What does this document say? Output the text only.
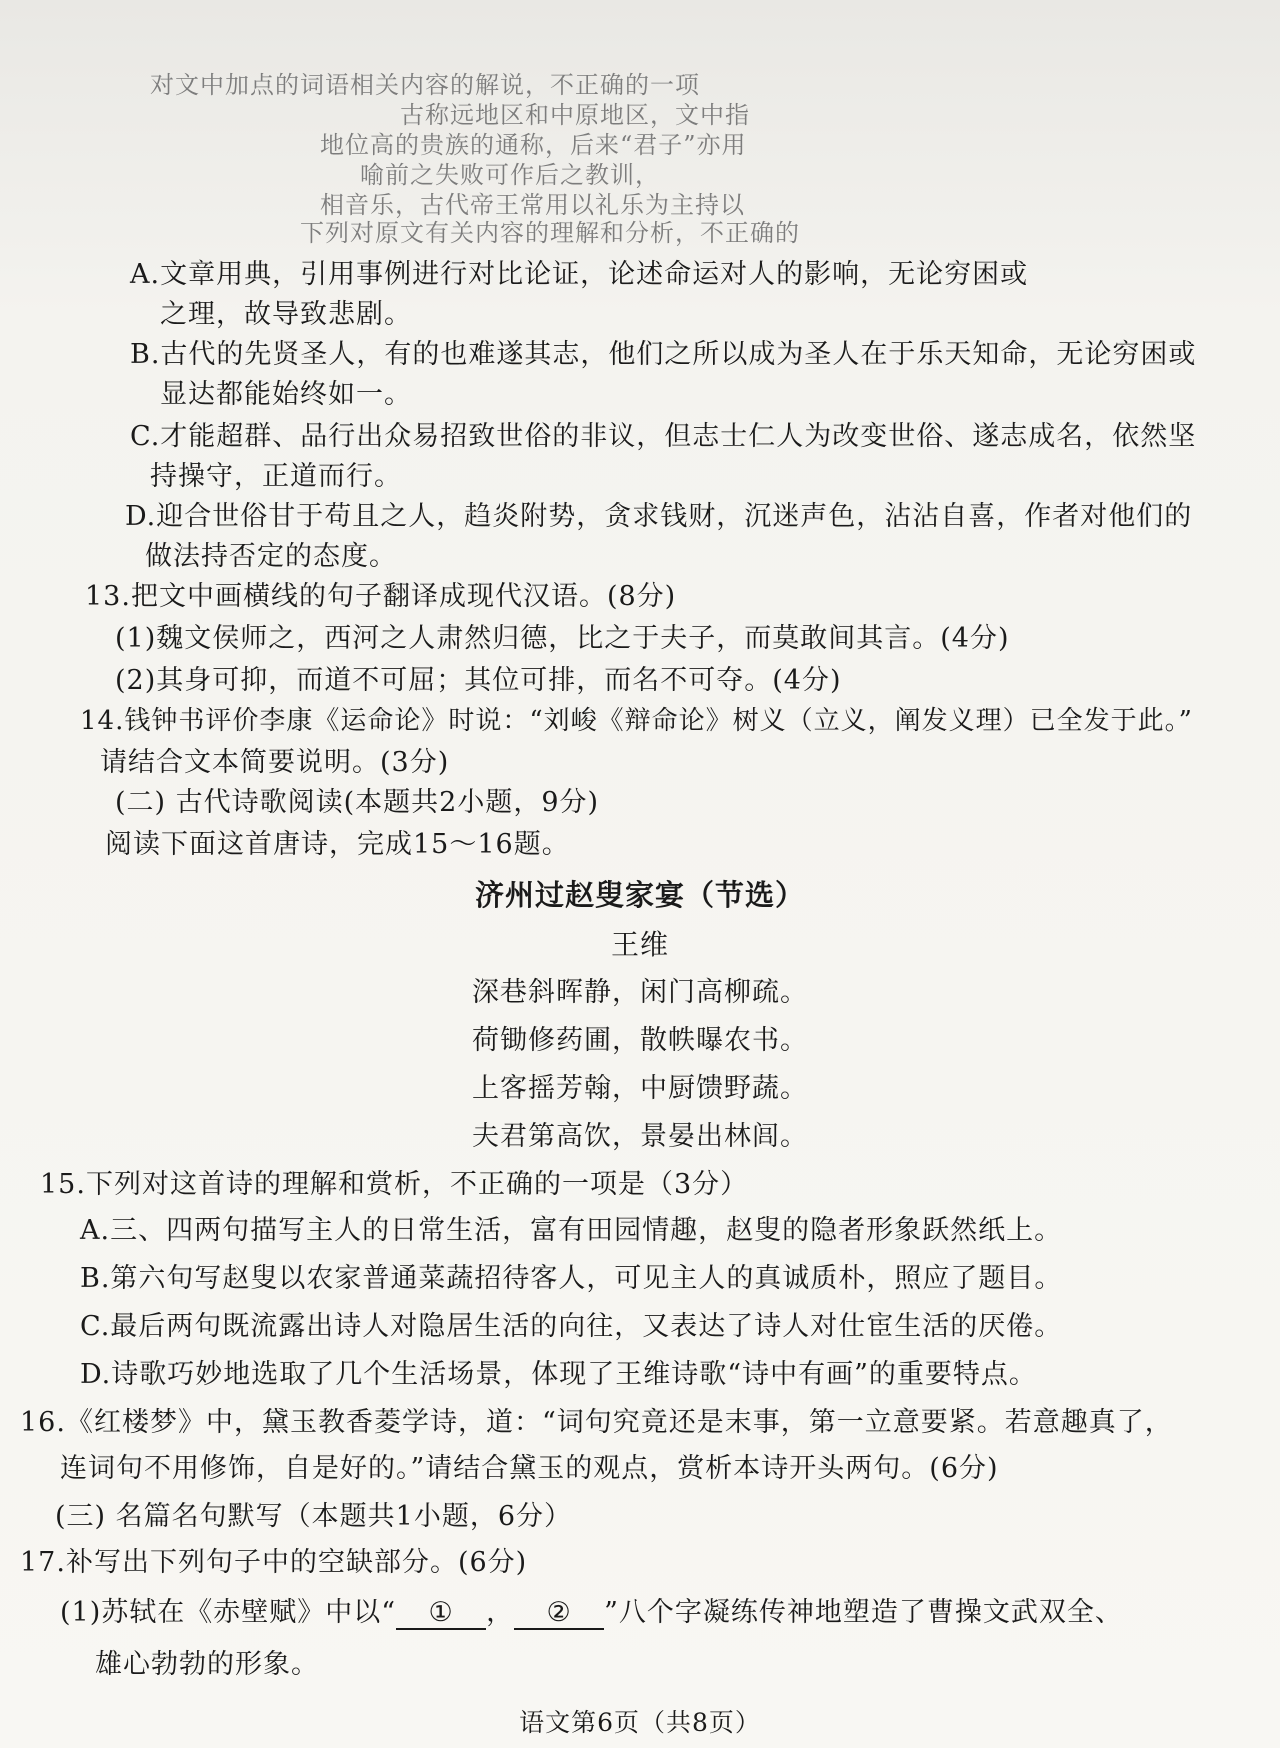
对文中加点的词语相关内容的解说，不正确的一项
古称远地区和中原地区，文中指
地位高的贵族的通称，后来“君子”亦用
喻前之失败可作后之教训，
相音乐，古代帝王常用以礼乐为主持以
下列对原文有关内容的理解和分析，不正确的
A.文章用典，引用事例进行对比论证，论述命运对人的影响，无论穷困或
之理，故导致悲剧。
B.古代的先贤圣人，有的也难遂其志，他们之所以成为圣人在于乐天知命，无论穷困或
显达都能始终如一。
C.才能超群、品行出众易招致世俗的非议，但志士仁人为改变世俗、遂志成名，依然坚
持操守，正道而行。
D.迎合世俗甘于苟且之人，趋炎附势，贪求钱财，沉迷声色，沾沾自喜，作者对他们的
做法持否定的态度。
13.把文中画横线的句子翻译成现代汉语。(8分)
(1)魏文侯师之，西河之人肃然归德，比之于夫子，而莫敢间其言。(4分)
(2)其身可抑，而道不可屈；其位可排，而名不可夺。(4分)
14.钱钟书评价李康《运命论》时说：“刘峻《辩命论》树义（立义，阐发义理）已全发于此。”
请结合文本简要说明。(3分)
(二) 古代诗歌阅读(本题共2小题，9分)
阅读下面这首唐诗，完成15～16题。
济州过赵叟家宴（节选）
王维
深巷斜晖静，闲门高柳疏。
荷锄修药圃，散帙曝农书。
上客摇芳翰，中厨馈野蔬。
夫君第高饮，景晏出林闾。
15.下列对这首诗的理解和赏析，不正确的一项是（3分）
A.三、四两句描写主人的日常生活，富有田园情趣，赵叟的隐者形象跃然纸上。
B.第六句写赵叟以农家普通菜蔬招待客人，可见主人的真诚质朴，照应了题目。
C.最后两句既流露出诗人对隐居生活的向往，又表达了诗人对仕宦生活的厌倦。
D.诗歌巧妙地选取了几个生活场景，体现了王维诗歌“诗中有画”的重要特点。
16.《红楼梦》中，黛玉教香菱学诗，道：“词句究竟还是末事，第一立意要紧。若意趣真了，
连词句不用修饰，自是好的。”请结合黛玉的观点，赏析本诗开头两句。(6分)
(三) 名篇名句默写（本题共1小题，6分）
17.补写出下列句子中的空缺部分。(6分)
(1)苏轼在《赤壁赋》中以“ ① ， ② ”八个字凝练传神地塑造了曹操文武双全、
雄心勃勃的形象。
语文第6页（共8页）
